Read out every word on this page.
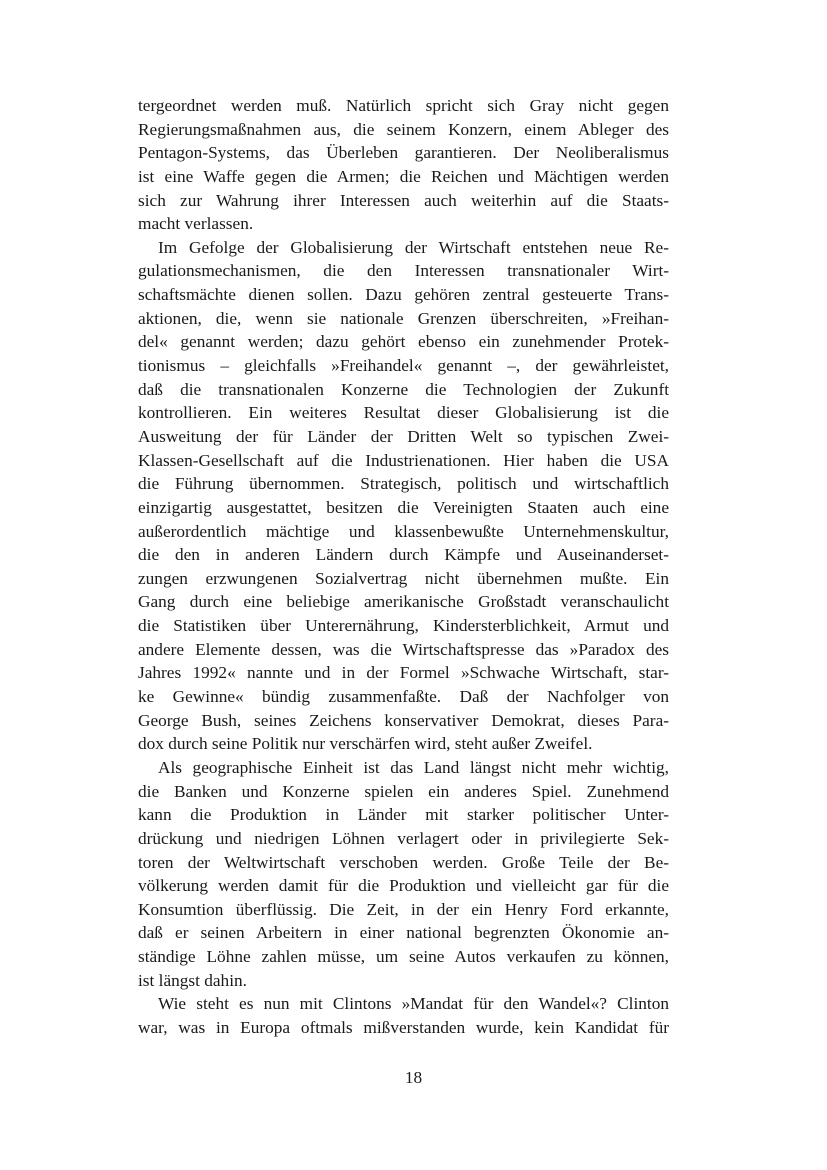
tergeordnet werden muß. Natürlich spricht sich Gray nicht gegen
Regierungsmaßnahmen aus, die seinem Konzern, einem Ableger des
Pentagon-Systems, das Überleben garantieren. Der Neoliberalismus
ist eine Waffe gegen die Armen; die Reichen und Mächtigen werden
sich zur Wahrung ihrer Interessen auch weiterhin auf die Staats-
macht verlassen.
Im Gefolge der Globalisierung der Wirtschaft entstehen neue Re-
gulationsmechanismen, die den Interessen transnationaler Wirt-
schaftsmächte dienen sollen. Dazu gehören zentral gesteuerte Trans-
aktionen, die, wenn sie nationale Grenzen überschreiten, »Freihan-
del« genannt werden; dazu gehört ebenso ein zunehmender Protek-
tionismus – gleichfalls »Freihandel« genannt –, der gewährleistet,
daß die transnationalen Konzerne die Technologien der Zukunft
kontrollieren. Ein weiteres Resultat dieser Globalisierung ist die
Ausweitung der für Länder der Dritten Welt so typischen Zwei-
Klassen-Gesellschaft auf die Industrienationen. Hier haben die USA
die Führung übernommen. Strategisch, politisch und wirtschaftlich
einzigartig ausgestattet, besitzen die Vereinigten Staaten auch eine
außerordentlich mächtige und klassenbewußte Unternehmenskultur,
die den in anderen Ländern durch Kämpfe und Auseinanderset-
zungen erzwungenen Sozialvertrag nicht übernehmen mußte. Ein
Gang durch eine beliebige amerikanische Großstadt veranschaulicht
die Statistiken über Unterernährung, Kindersterblichkeit, Armut und
andere Elemente dessen, was die Wirtschaftspresse das »Paradox des
Jahres 1992« nannte und in der Formel »Schwache Wirtschaft, star-
ke Gewinne« bündig zusammenfaßte. Daß der Nachfolger von
George Bush, seines Zeichens konservativer Demokrat, dieses Para-
dox durch seine Politik nur verschärfen wird, steht außer Zweifel.
Als geographische Einheit ist das Land längst nicht mehr wichtig,
die Banken und Konzerne spielen ein anderes Spiel. Zunehmend
kann die Produktion in Länder mit starker politischer Unter-
drückung und niedrigen Löhnen verlagert oder in privilegierte Sek-
toren der Weltwirtschaft verschoben werden. Große Teile der Be-
völkerung werden damit für die Produktion und vielleicht gar für die
Konsumtion überflüssig. Die Zeit, in der ein Henry Ford erkannte,
daß er seinen Arbeitern in einer national begrenzten Ökonomie an-
ständige Löhne zahlen müsse, um seine Autos verkaufen zu können,
ist längst dahin.
Wie steht es nun mit Clintons »Mandat für den Wandel«? Clinton
war, was in Europa oftmals mißverstanden wurde, kein Kandidat für
18
